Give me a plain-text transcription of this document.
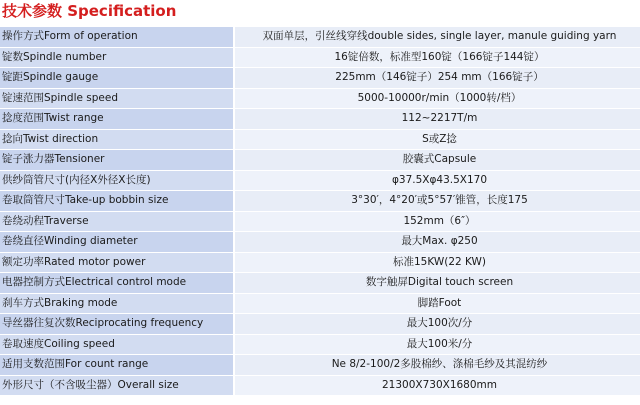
技术参数 Specification
操作方式Form of operation	双面单层，引丝线穿线double sides, single layer, manule guiding yarn
锭数Spindle number	16锭倍数，标准型160锭（166锭子144锭）
锭距Spindle gauge	225mm（146锭子）254 mm（166锭子）
锭速范围Spindle speed	5000-10000r/min（1000转/档）
捻度范围Twist range	112~2217T/m
捻向Twist direction	S或Z捻
锭子涨力器Tensioner	胶囊式Capsule
供纱筒管尺寸(内径X外径X长度)	φ37.5Xφ43.5X170
卷取筒管尺寸Take-up bobbin size	3°30′，4°20′或5°57′锥管，长度175
卷绕动程Traverse	152mm（6″）
卷绕直径Winding diameter	最大Max. φ250
额定功率Rated motor power	标准15KW(22 KW)
电器控制方式Electrical control mode	数字触屏Digital touch screen
刹车方式Braking mode	脚踏Foot
导丝器往复次数Reciprocating frequency	最大100次/分
卷取速度Coiling speed	最大100米/分
适用支数范围For count range	Ne 8/2-100/2多股棉纱、涤棉毛纱及其混纺纱
外形尺寸（不含吸尘器）Overall size	21300X730X1680mm
